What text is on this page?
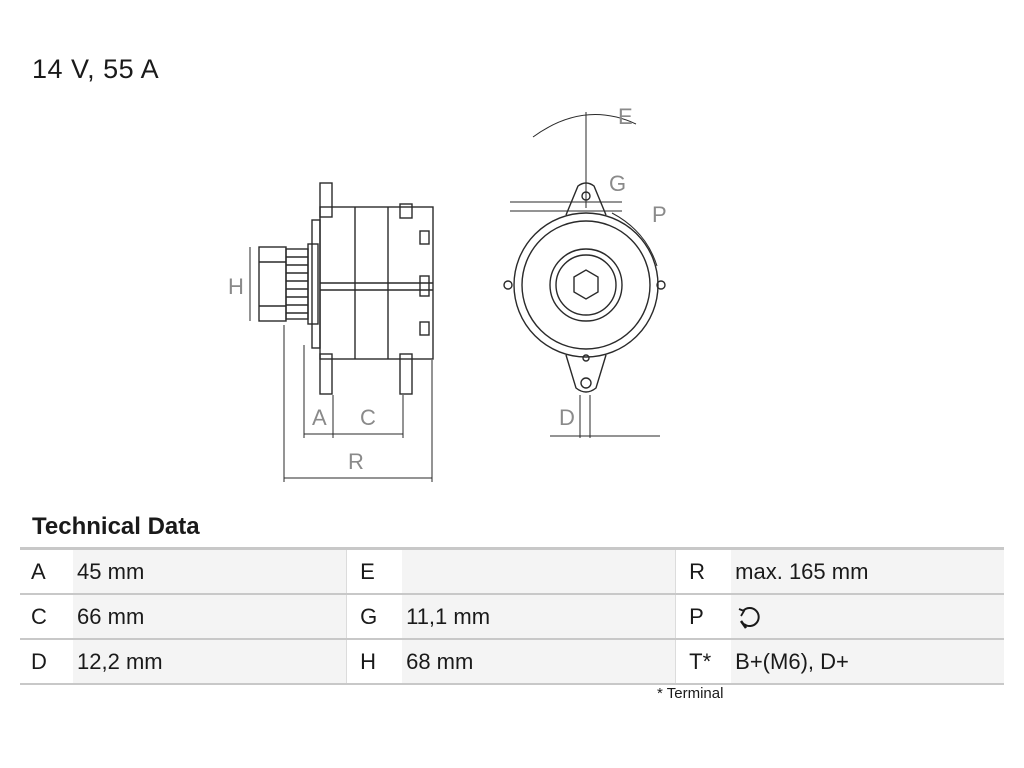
14 V, 55 A
H
A C
R
E
G
P
D
Technical Data
A	45 mm		E			R	max. 165 mm
C	66 mm		G	11,1 mm		P	
D	12,2 mm		H	68 mm		T*	B+(M6), D+
* Terminal
